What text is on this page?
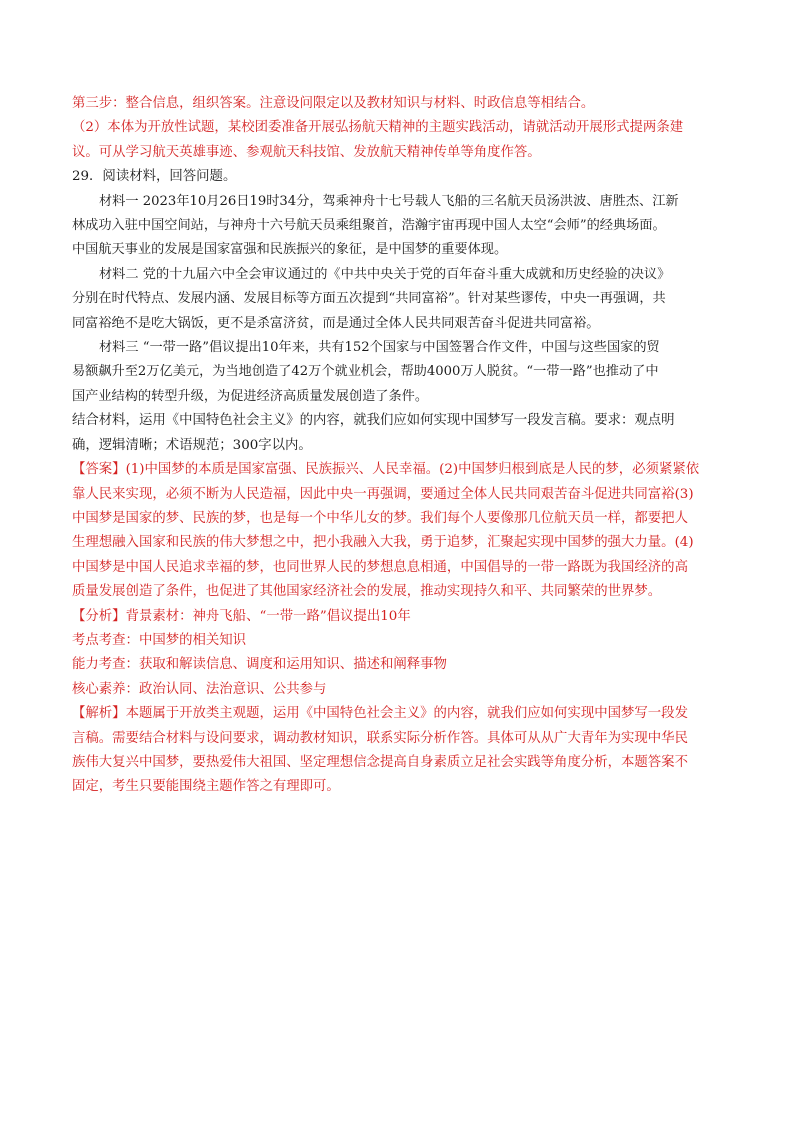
第三步：整合信息，组织答案。注意设问限定以及教材知识与材料、时政信息等相结合。
（2）本体为开放性试题，某校团委准备开展弘扬航天精神的主题实践活动，请就活动开展形式提两条建
议。可从学习航天英雄事迹、参观航天科技馆、发放航天精神传单等角度作答。
29．阅读材料，回答问题。
材料一 2023年10月26日19时34分，驾乘神舟十七号载人飞船的三名航天员汤洪波、唐胜杰、江新
林成功入驻中国空间站，与神舟十六号航天员乘组聚首，浩瀚宇宙再现中国人太空“会师”的经典场面。
中国航天事业的发展是国家富强和民族振兴的象征，是中国梦的重要体现。
材料二 党的十九届六中全会审议通过的《中共中央关于党的百年奋斗重大成就和历史经验的决议》
分别在时代特点、发展内涵、发展目标等方面五次提到“共同富裕”。针对某些谬传，中央一再强调，共
同富裕绝不是吃大锅饭，更不是杀富济贫，而是通过全体人民共同艰苦奋斗促进共同富裕。
材料三 “一带一路”倡议提出10年来，共有152个国家与中国签署合作文件，中国与这些国家的贸
易额飙升至2万亿美元，为当地创造了42万个就业机会，帮助4000万人脱贫。“一带一路”也推动了中
国产业结构的转型升级，为促进经济高质量发展创造了条件。
结合材料，运用《中国特色社会主义》的内容，就我们应如何实现中国梦写一段发言稿。要求：观点明
确，逻辑清晰；术语规范；300字以内。
【答案】(1)中国梦的本质是国家富强、民族振兴、人民幸福。(2)中国梦归根到底是人民的梦，必须紧紧依
靠人民来实现，必须不断为人民造福，因此中央一再强调，要通过全体人民共同艰苦奋斗促进共同富裕(3)
中国梦是国家的梦、民族的梦，也是每一个中华儿女的梦。我们每个人要像那几位航天员一样，都要把人
生理想融入国家和民族的伟大梦想之中，把小我融入大我，勇于追梦，汇聚起实现中国梦的强大力量。(4)
中国梦是中国人民追求幸福的梦，也同世界人民的梦想息息相通，中国倡导的一带一路既为我国经济的高
质量发展创造了条件，也促进了其他国家经济社会的发展，推动实现持久和平、共同繁荣的世界梦。
【分析】背景素材：神舟飞船、“一带一路”倡议提出10年
考点考查：中国梦的相关知识
能力考查：获取和解读信息、调度和运用知识、描述和阐释事物
核心素养：政治认同、法治意识、公共参与
【解析】本题属于开放类主观题，运用《中国特色社会主义》的内容，就我们应如何实现中国梦写一段发
言稿。需要结合材料与设问要求，调动教材知识，联系实际分析作答。具体可从从广大青年为实现中华民
族伟大复兴中国梦，要热爱伟大祖国、坚定理想信念提高自身素质立足社会实践等角度分析，本题答案不
固定，考生只要能围绕主题作答之有理即可。
